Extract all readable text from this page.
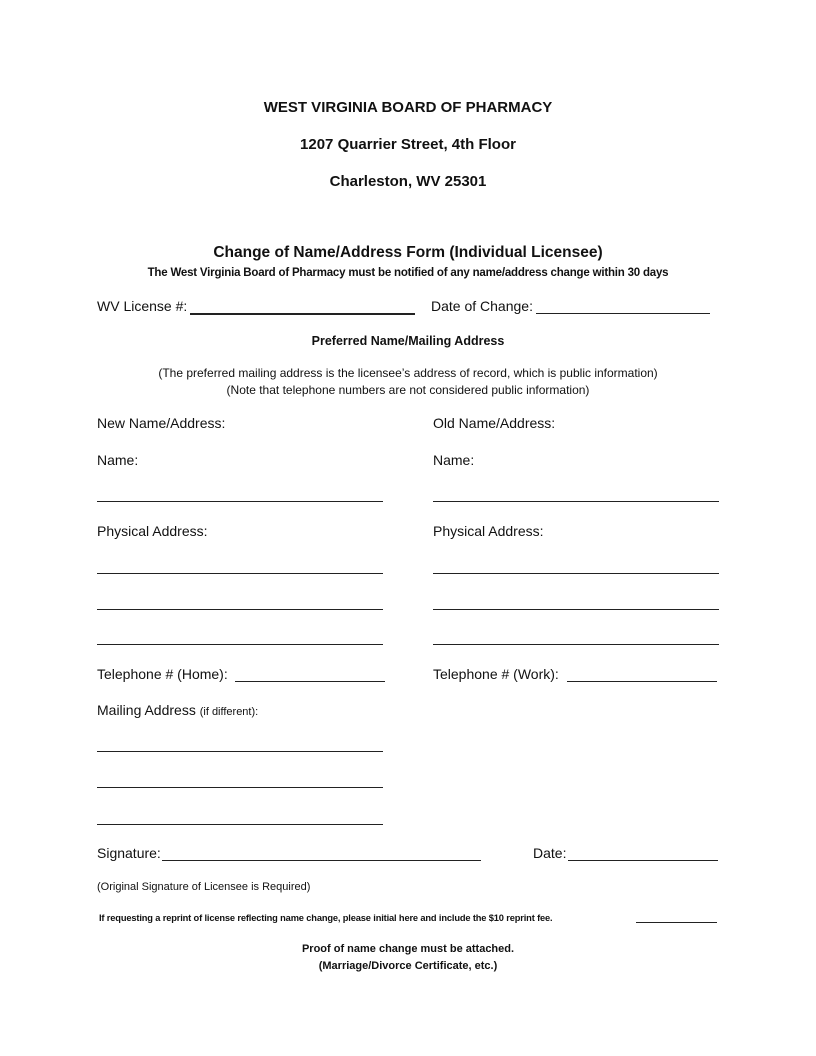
WEST VIRGINIA BOARD OF PHARMACY
1207 Quarrier Street, 4th Floor
Charleston, WV 25301
Change of Name/Address Form (Individual Licensee)
The West Virginia Board of Pharmacy must be notified of any name/address change within 30 days
WV License #:	Date of Change:
Preferred Name/Mailing Address
(The preferred mailing address is the licensee’s address of record, which is public information)
(Note that telephone numbers are not considered public information)
New Name/Address:	Old Name/Address:
Name:	Name:
Physical Address:	Physical Address:
Telephone # (Home):	Telephone # (Work):
Mailing Address (if different):
Signature:	Date:
(Original Signature of Licensee is Required)
If requesting a reprint of license reflecting name change, please initial here and include the $10 reprint fee.
Proof of name change must be attached.
(Marriage/Divorce Certificate, etc.)
